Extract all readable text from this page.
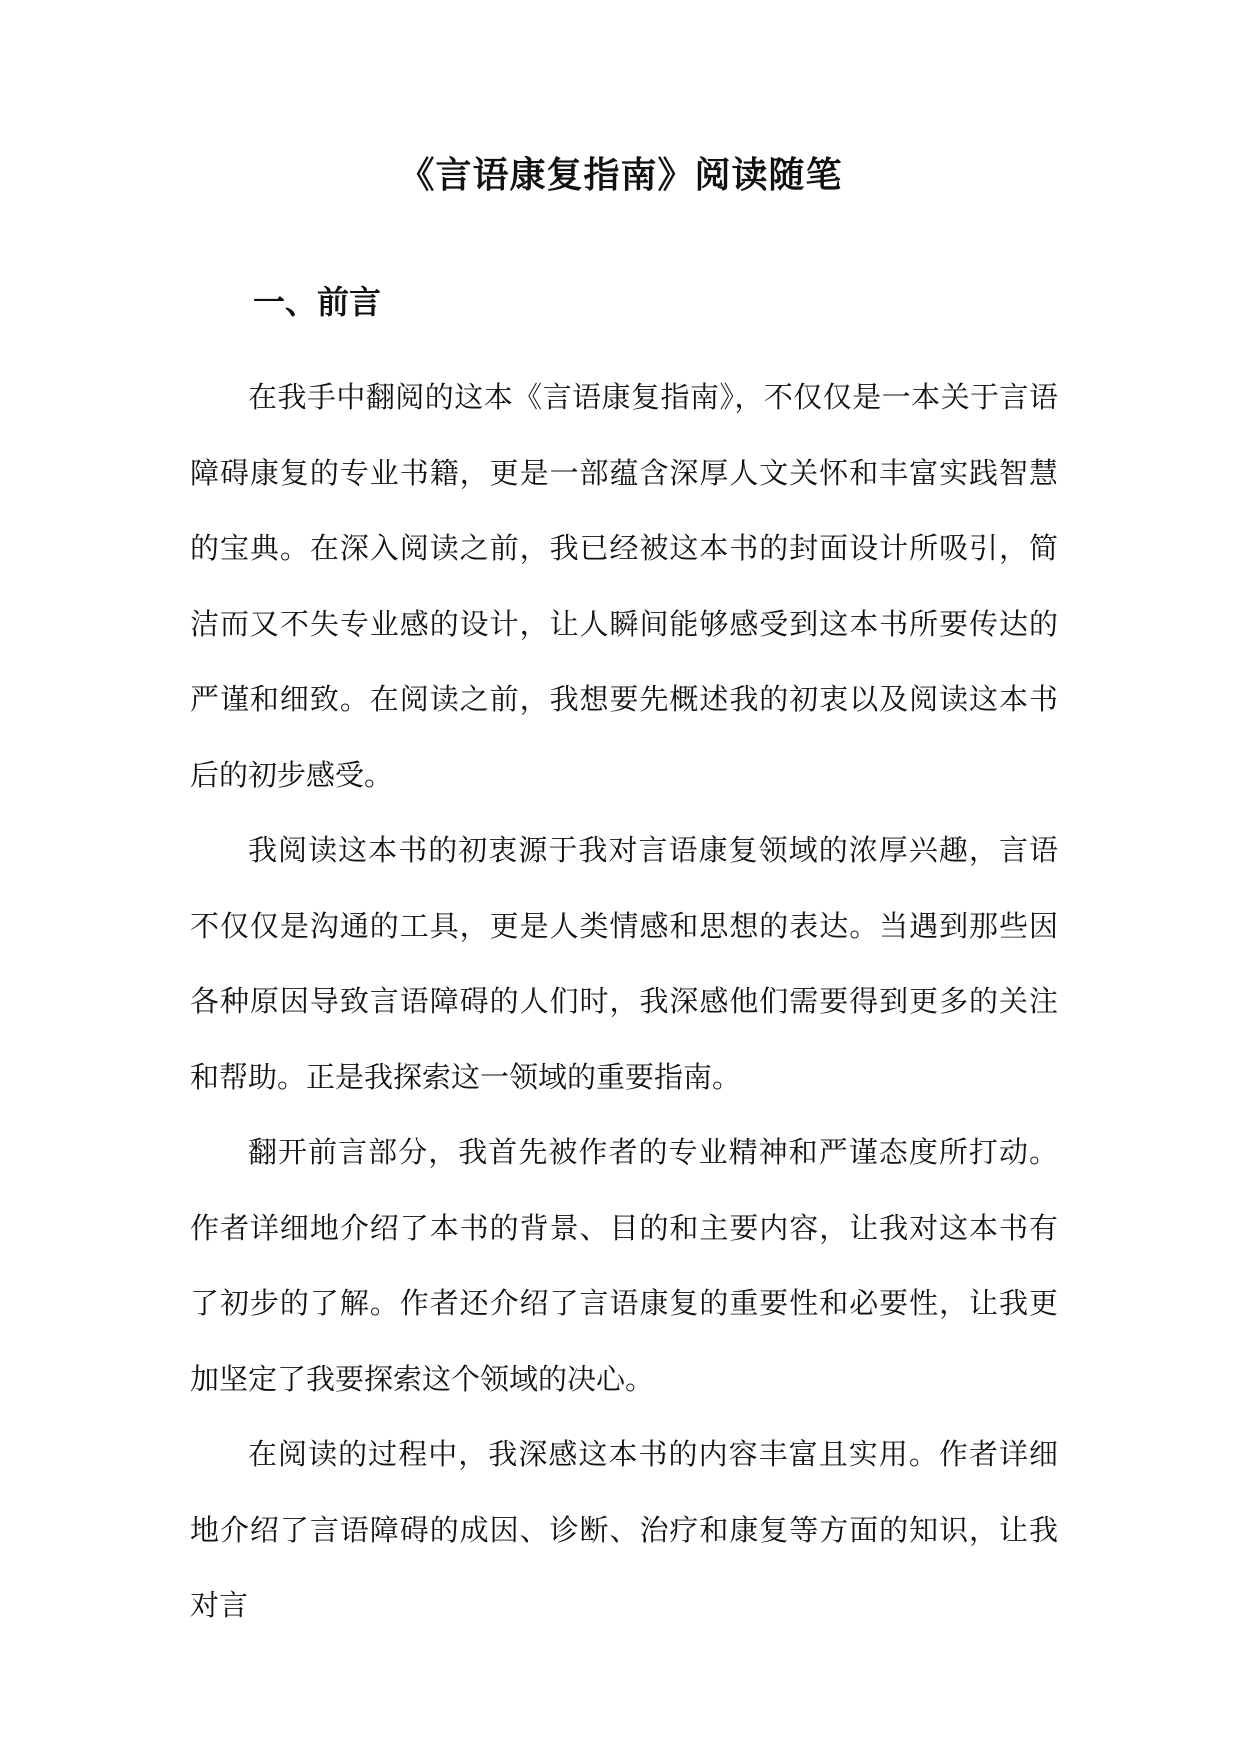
《言语康复指南》阅读随笔
一、前言

在我手中翻阅的这本《言语康复指南》，不仅仅是一本关于言语障碍康复的专业书籍，更是一部蕴含深厚人文关怀和丰富实践智慧的宝典。在深入阅读之前，我已经被这本书的封面设计所吸引，简洁而又不失专业感的设计，让人瞬间能够感受到这本书所要传达的严谨和细致。在阅读之前，我想要先概述我的初衷以及阅读这本书后的初步感受。

我阅读这本书的初衷源于我对言语康复领域的浓厚兴趣，言语不仅仅是沟通的工具，更是人类情感和思想的表达。当遇到那些因各种原因导致言语障碍的人们时，我深感他们需要得到更多的关注和帮助。正是我探索这一领域的重要指南。

翻开前言部分，我首先被作者的专业精神和严谨态度所打动。作者详细地介绍了本书的背景、目的和主要内容，让我对这本书有了初步的了解。作者还介绍了言语康复的重要性和必要性，让我更加坚定了我要探索这个领域的决心。

在阅读的过程中，我深感这本书的内容丰富且实用。作者详细地介绍了言语障碍的成因、诊断、治疗和康复等方面的知识，让我对言
